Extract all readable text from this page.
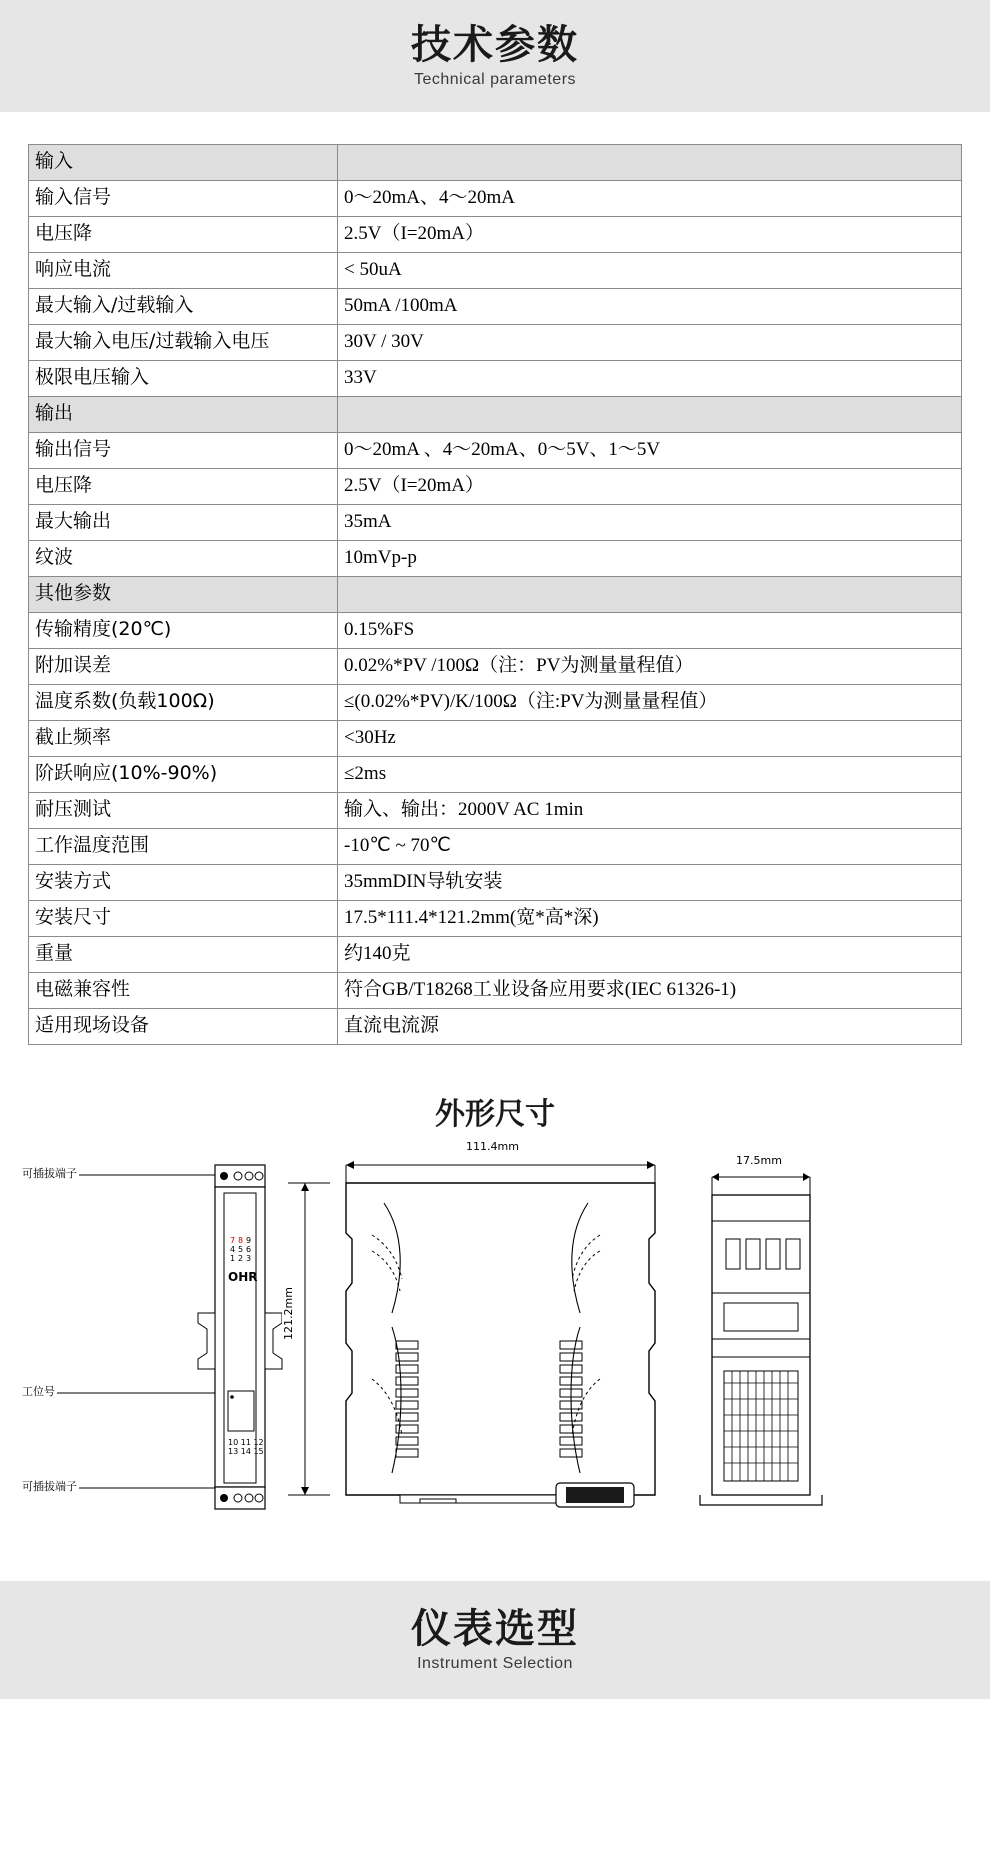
技术参数
Technical parameters
输入	
输入信号	0～20mA、4～20mA
电压降	2.5V（I=20mA）
响应电流	< 50uA
最大输入/过载输入	50mA /100mA
最大输入电压/过载输入电压	30V / 30V
极限电压输入	33V
输出	
输出信号	0～20mA 、4～20mA、0～5V、1～5V
电压降	2.5V（I=20mA）
最大输出	35mA
纹波	10mVp-p
其他参数	
传输精度(20℃)	0.15%FS
附加误差	0.02%*PV /100Ω（注：PV为测量量程值）
温度系数(负载100Ω)	≤(0.02%*PV)/K/100Ω（注:PV为测量量程值）
截止频率	<30Hz
阶跃响应(10%-90%)	≤2ms
耐压测试	输入、输出：2000V AC 1min
工作温度范围	-10℃ ~ 70℃
安装方式	35mmDIN导轨安装
安装尺寸	17.5*111.4*121.2mm(宽*高*深)
重量	约140克
电磁兼容性	符合GB/T18268工业设备应用要求(IEC 61326-1)
适用现场设备	直流电流源
外形尺寸
7 8 9
4 5 6
1 2 3
OHR
10 11 12
13 14 15
可插拔端子
工位号
可插拔端子
111.4mm
121.2mm
17.5mm
仪表选型
Instrument Selection
